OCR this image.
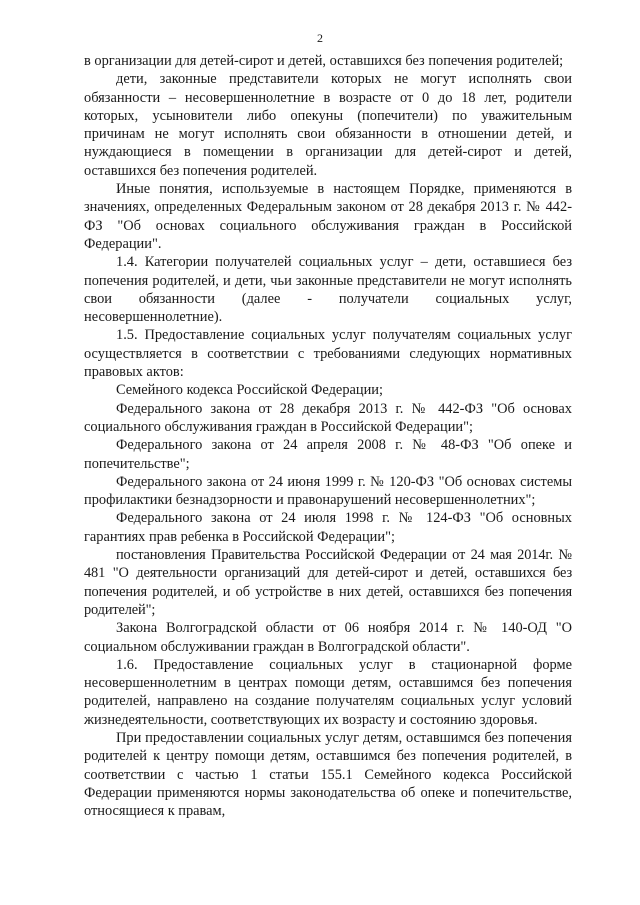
2

в организации для детей-сирот и детей, оставшихся без попечения родителей;

дети, законные представители которых не могут исполнять свои обязанности – несовершеннолетние в возрасте от 0 до 18 лет, родители которых, усыновители либо опекуны (попечители) по уважительным причинам не могут исполнять свои обязанности в отношении детей, и нуждающиеся в помещении в организации для детей-сирот и детей, оставшихся без попечения родителей.

Иные понятия, используемые в настоящем Порядке, применяются в значениях, определенных Федеральным законом от 28 декабря 2013 г. № 442-ФЗ "Об основах социального обслуживания граждан в Российской Федерации".

1.4. Категории получателей социальных услуг – дети, оставшиеся без попечения родителей, и дети, чьи законные представители не могут исполнять свои обязанности (далее - получатели социальных услуг, несовершеннолетние).

1.5. Предоставление социальных услуг получателям социальных услуг осуществляется в соответствии с требованиями следующих нормативных правовых актов:

Семейного кодекса Российской Федерации;

Федерального закона от 28 декабря 2013 г. № 442-ФЗ "Об основах социального обслуживания граждан в Российской Федерации";

Федерального закона от 24 апреля 2008 г. № 48-ФЗ "Об опеке и попечительстве";

Федерального закона от 24 июня 1999 г. № 120-ФЗ "Об основах системы профилактики безнадзорности и правонарушений несовершеннолетних";

Федерального закона от 24 июля 1998 г. № 124-ФЗ "Об основных гарантиях прав ребенка в Российской Федерации";

постановления Правительства Российской Федерации от 24 мая 2014г. № 481 "О деятельности организаций для детей-сирот и детей, оставшихся без попечения родителей, и об устройстве в них детей, оставшихся без попечения родителей";

Закона Волгоградской области от 06 ноября 2014 г. № 140-ОД "О социальном обслуживании граждан в Волгоградской области".

1.6. Предоставление социальных услуг в стационарной форме несовершеннолетним в центрах помощи детям, оставшимся без попечения родителей, направлено на создание получателям социальных услуг условий жизнедеятельности, соответствующих их возрасту и состоянию здоровья.

При предоставлении социальных услуг детям, оставшимся без попечения родителей к центру помощи детям, оставшимся без попечения родителей, в соответствии с частью 1 статьи 155.1 Семейного кодекса Российской Федерации применяются нормы законодательства об опеке и попечительстве, относящиеся к правам,
